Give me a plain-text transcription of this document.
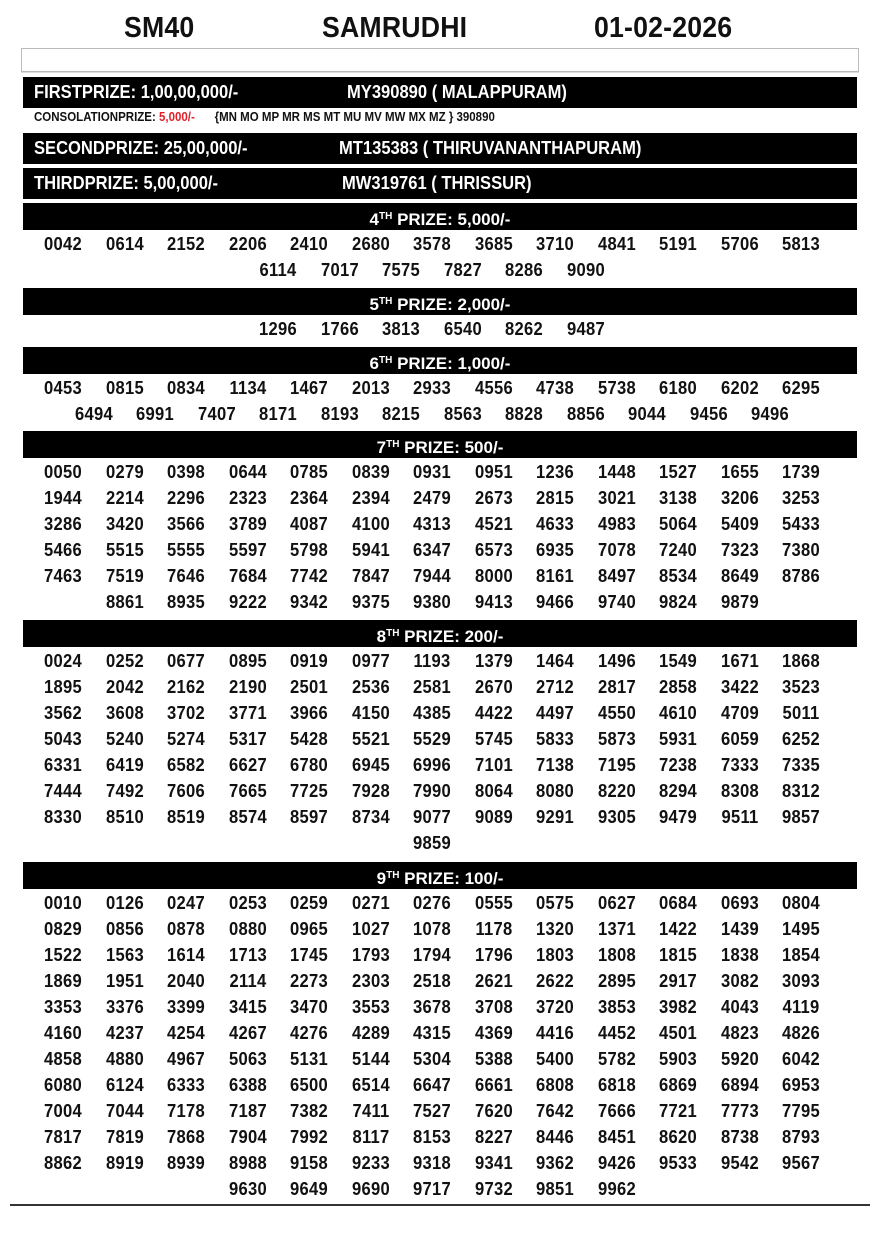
SM40	SAMRUDHI	01-02-2026
FIRSTPRIZE: 1,00,00,000/-	MY390890 ( MALAPPURAM)
CONSOLATIONPRIZE: 5,000/- {MN MO MP MR MS MT MU MV MW MX MZ } 390890
SECONDPRIZE: 25,00,000/-	MT135383 ( THIRUVANANTHAPURAM)
THIRDPRIZE: 5,00,000/-	MW319761 ( THRISSUR)
4TH PRIZE: 5,000/-
0042	0614	2152	2206	2410	2680	3578	3685	3710	4841	5191	5706	5813
6114	7017	7575	7827	8286	9090
5TH PRIZE: 2,000/-
1296	1766	3813	6540	8262	9487
6TH PRIZE: 1,000/-
0453	0815	0834	1134	1467	2013	2933	4556	4738	5738	6180	6202	6295
6494	6991	7407	8171	8193	8215	8563	8828	8856	9044	9456	9496
7TH PRIZE: 500/-
0050	0279	0398	0644	0785	0839	0931	0951	1236	1448	1527	1655	1739
1944	2214	2296	2323	2364	2394	2479	2673	2815	3021	3138	3206	3253
3286	3420	3566	3789	4087	4100	4313	4521	4633	4983	5064	5409	5433
5466	5515	5555	5597	5798	5941	6347	6573	6935	7078	7240	7323	7380
7463	7519	7646	7684	7742	7847	7944	8000	8161	8497	8534	8649	8786
8861	8935	9222	9342	9375	9380	9413	9466	9740	9824	9879
8TH PRIZE: 200/-
0024	0252	0677	0895	0919	0977	1193	1379	1464	1496	1549	1671	1868
1895	2042	2162	2190	2501	2536	2581	2670	2712	2817	2858	3422	3523
3562	3608	3702	3771	3966	4150	4385	4422	4497	4550	4610	4709	5011
5043	5240	5274	5317	5428	5521	5529	5745	5833	5873	5931	6059	6252
6331	6419	6582	6627	6780	6945	6996	7101	7138	7195	7238	7333	7335
7444	7492	7606	7665	7725	7928	7990	8064	8080	8220	8294	8308	8312
8330	8510	8519	8574	8597	8734	9077	9089	9291	9305	9479	9511	9857
9859
9TH PRIZE: 100/-
0010	0126	0247	0253	0259	0271	0276	0555	0575	0627	0684	0693	0804
0829	0856	0878	0880	0965	1027	1078	1178	1320	1371	1422	1439	1495
1522	1563	1614	1713	1745	1793	1794	1796	1803	1808	1815	1838	1854
1869	1951	2040	2114	2273	2303	2518	2621	2622	2895	2917	3082	3093
3353	3376	3399	3415	3470	3553	3678	3708	3720	3853	3982	4043	4119
4160	4237	4254	4267	4276	4289	4315	4369	4416	4452	4501	4823	4826
4858	4880	4967	5063	5131	5144	5304	5388	5400	5782	5903	5920	6042
6080	6124	6333	6388	6500	6514	6647	6661	6808	6818	6869	6894	6953
7004	7044	7178	7187	7382	7411	7527	7620	7642	7666	7721	7773	7795
7817	7819	7868	7904	7992	8117	8153	8227	8446	8451	8620	8738	8793
8862	8919	8939	8988	9158	9233	9318	9341	9362	9426	9533	9542	9567
9630	9649	9690	9717	9732	9851	9962
